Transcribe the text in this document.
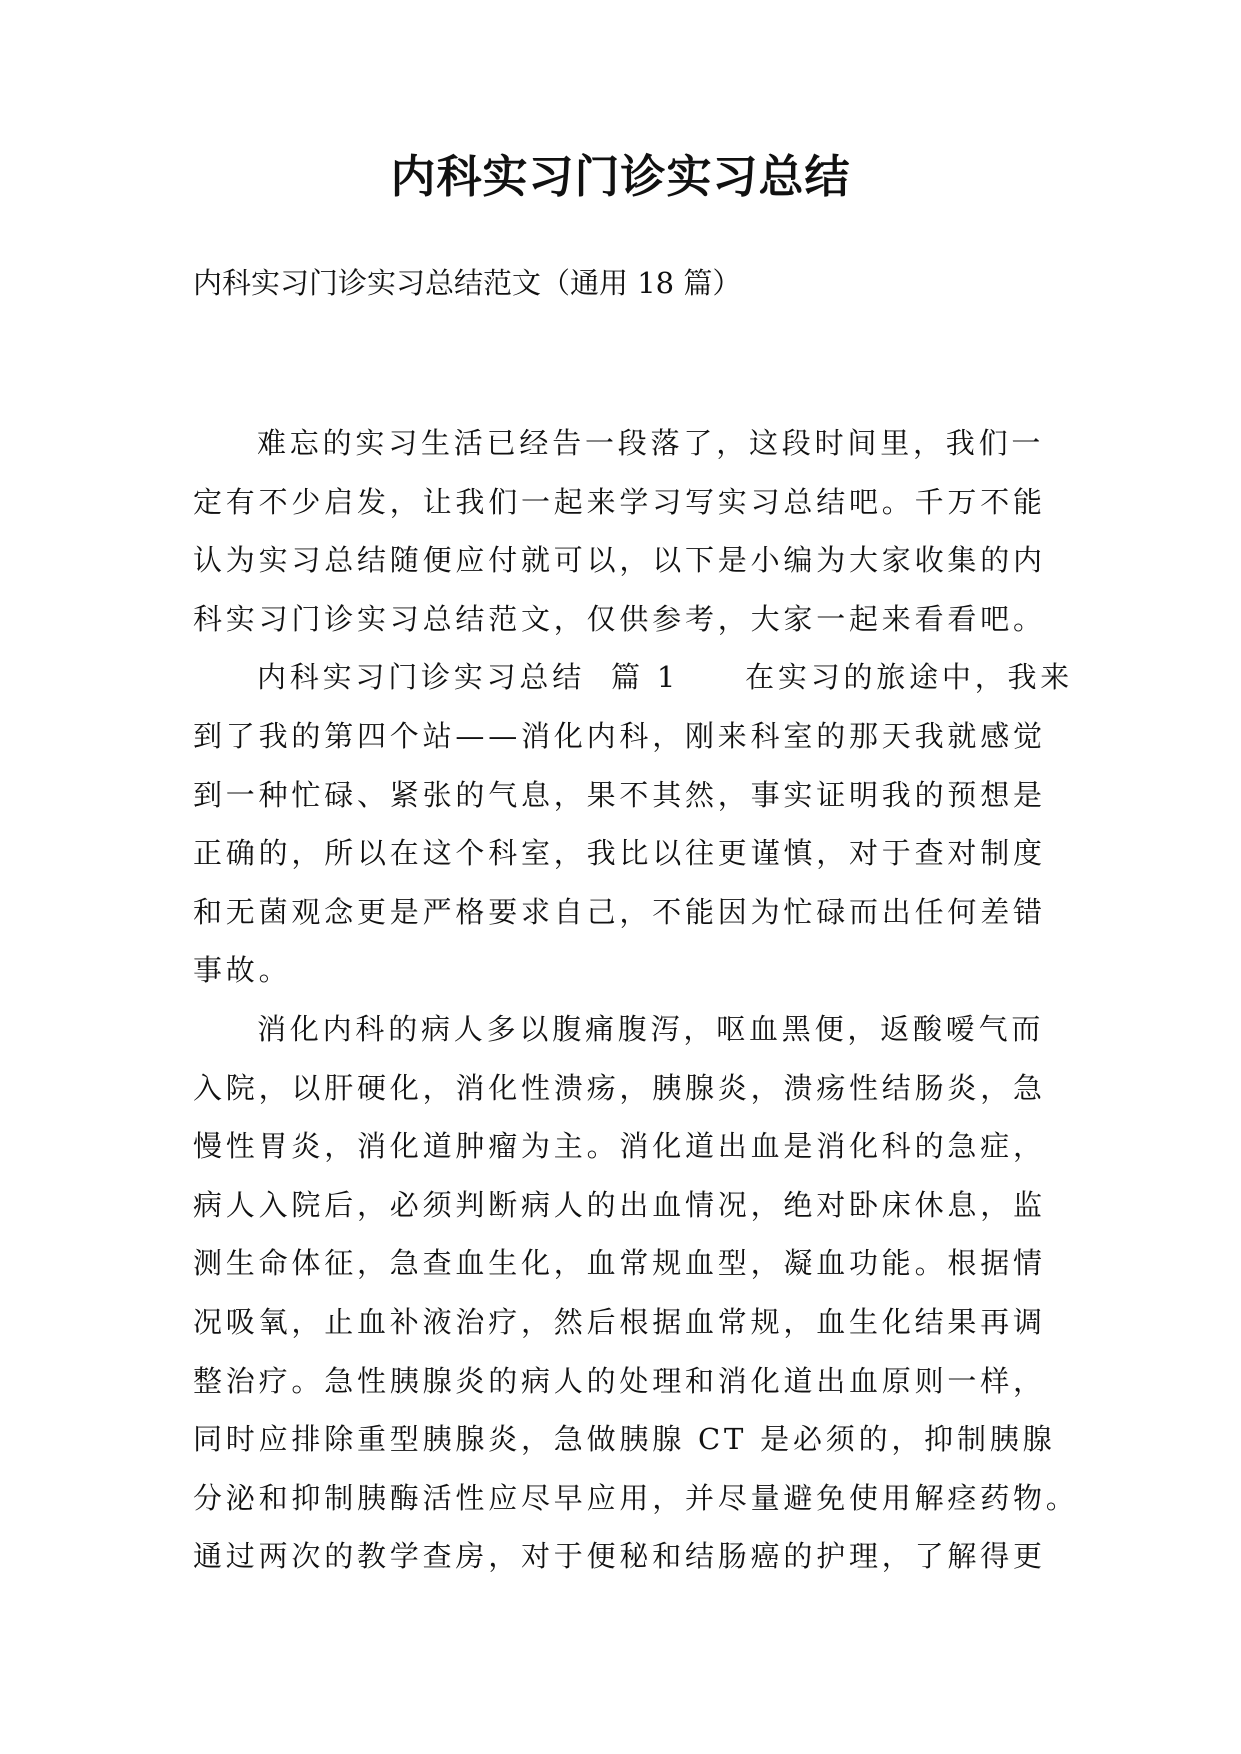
内科实习门诊实习总结
内科实习门诊实习总结范文（通用 18 篇）
难忘的实习生活已经告一段落了，这段时间里，我们一
定有不少启发，让我们一起来学习写实习总结吧。千万不能
认为实习总结随便应付就可以，以下是小编为大家收集的内
科实习门诊实习总结范文，仅供参考，大家一起来看看吧。
内科实习门诊实习总结  篇 1 在实习的旅途中，我来
到了我的第四个站——消化内科，刚来科室的那天我就感觉
到一种忙碌、紧张的气息，果不其然，事实证明我的预想是
正确的，所以在这个科室，我比以往更谨慎，对于查对制度
和无菌观念更是严格要求自己，不能因为忙碌而出任何差错
事故。
消化内科的病人多以腹痛腹泻，呕血黑便，返酸嗳气而
入院，以肝硬化，消化性溃疡，胰腺炎，溃疡性结肠炎，急
慢性胃炎，消化道肿瘤为主。消化道出血是消化科的急症，
病人入院后，必须判断病人的出血情况，绝对卧床休息，监
测生命体征，急查血生化，血常规血型，凝血功能。根据情
况吸氧，止血补液治疗，然后根据血常规，血生化结果再调
整治疗。急性胰腺炎的病人的处理和消化道出血原则一样，
同时应排除重型胰腺炎，急做胰腺 CT 是必须的，抑制胰腺
分泌和抑制胰酶活性应尽早应用，并尽量避免使用解痉药物。
通过两次的教学查房，对于便秘和结肠癌的护理，了解得更
